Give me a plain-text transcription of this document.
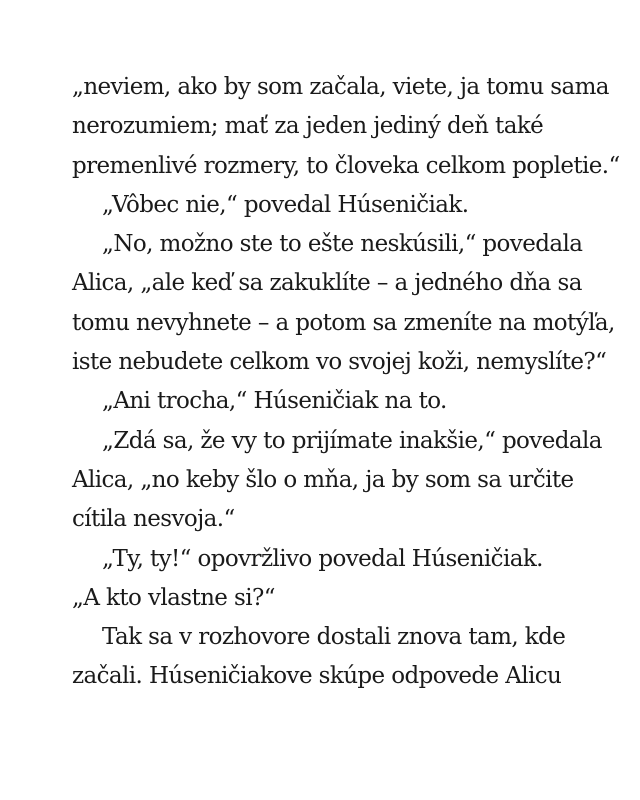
„neviem, ako by som začala, viete, ja tomu sama
nerozumiem; mať za jeden jediný deň také
premenlivé rozmery, to človeka celkom popletie.“
„Vôbec nie,“ povedal Húseničiak.
„No, možno ste to ešte neskúsili,“ povedala
Alica, „ale keď sa zakuklíte – a jedného dňa sa
tomu nevyhnete – a potom sa zmeníte na motýľa,
iste nebudete celkom vo svojej koži, nemyslíte?“
„Ani trocha,“ Húseničiak na to.
„Zdá sa, že vy to prijímate inakšie,“ povedala
Alica, „no keby šlo o mňa, ja by som sa určite
cítila nesvoja.“
„Ty, ty!“ opovržlivo povedal Húseničiak.
„A kto vlastne si?“
Tak sa v rozhovore dostali znova tam, kde
začali. Húseničiakove skúpe odpovede Alicu
